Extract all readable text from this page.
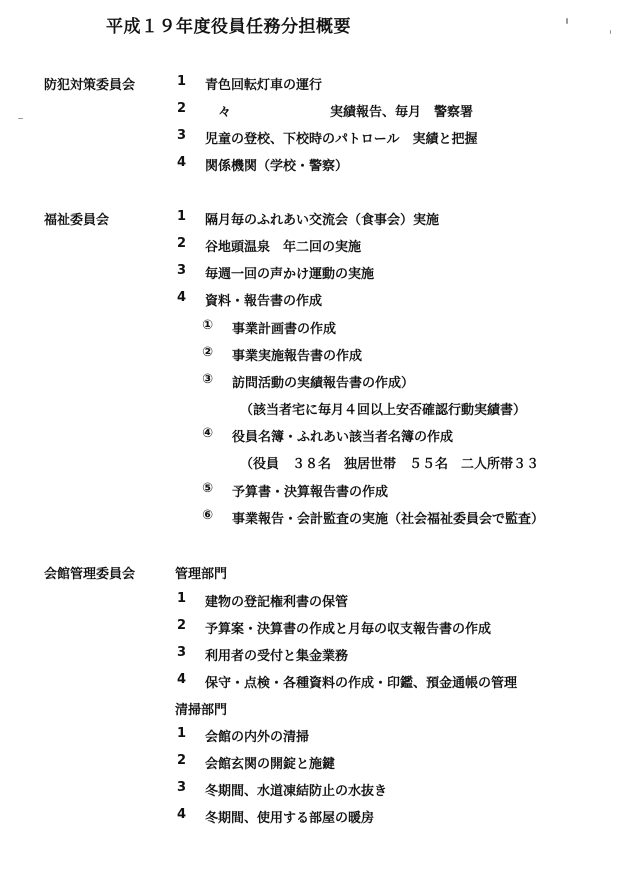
平成１９年度役員任務分担概要
防犯対策委員会	1 青色回転灯車の運行
2 々	実績報告、毎月　警察署
3 児童の登校、下校時のパトロール　実績と把握
4 関係機関（学校・警察）
福祉委員会	1 隔月毎のふれあい交流会（食事会）実施
2 谷地頭温泉　年二回の実施
3 毎週一回の声かけ運動の実施
4 資料・報告書の作成
① 事業計画書の作成
② 事業実施報告書の作成
③ 訪問活動の実績報告書の作成）
（該当者宅に毎月４回以上安否確認行動実績書）
④ 役員名簿・ふれあい該当者名簿の作成
（役員　３８名　独居世帯　５５名　二人所帯３３
⑤ 予算書・決算報告書の作成
⑥ 事業報告・会計監査の実施（社会福祉委員会で監査）
会館管理委員会	管理部門
1 建物の登記権利書の保管
2 予算案・決算書の作成と月毎の収支報告書の作成
3 利用者の受付と集金業務
4 保守・点検・各種資料の作成・印鑑、預金通帳の管理
清掃部門
1 会館の内外の清掃
2 会館玄関の開錠と施鍵
3 冬期間、水道凍結防止の水抜き
4 冬期間、使用する部屋の暖房
